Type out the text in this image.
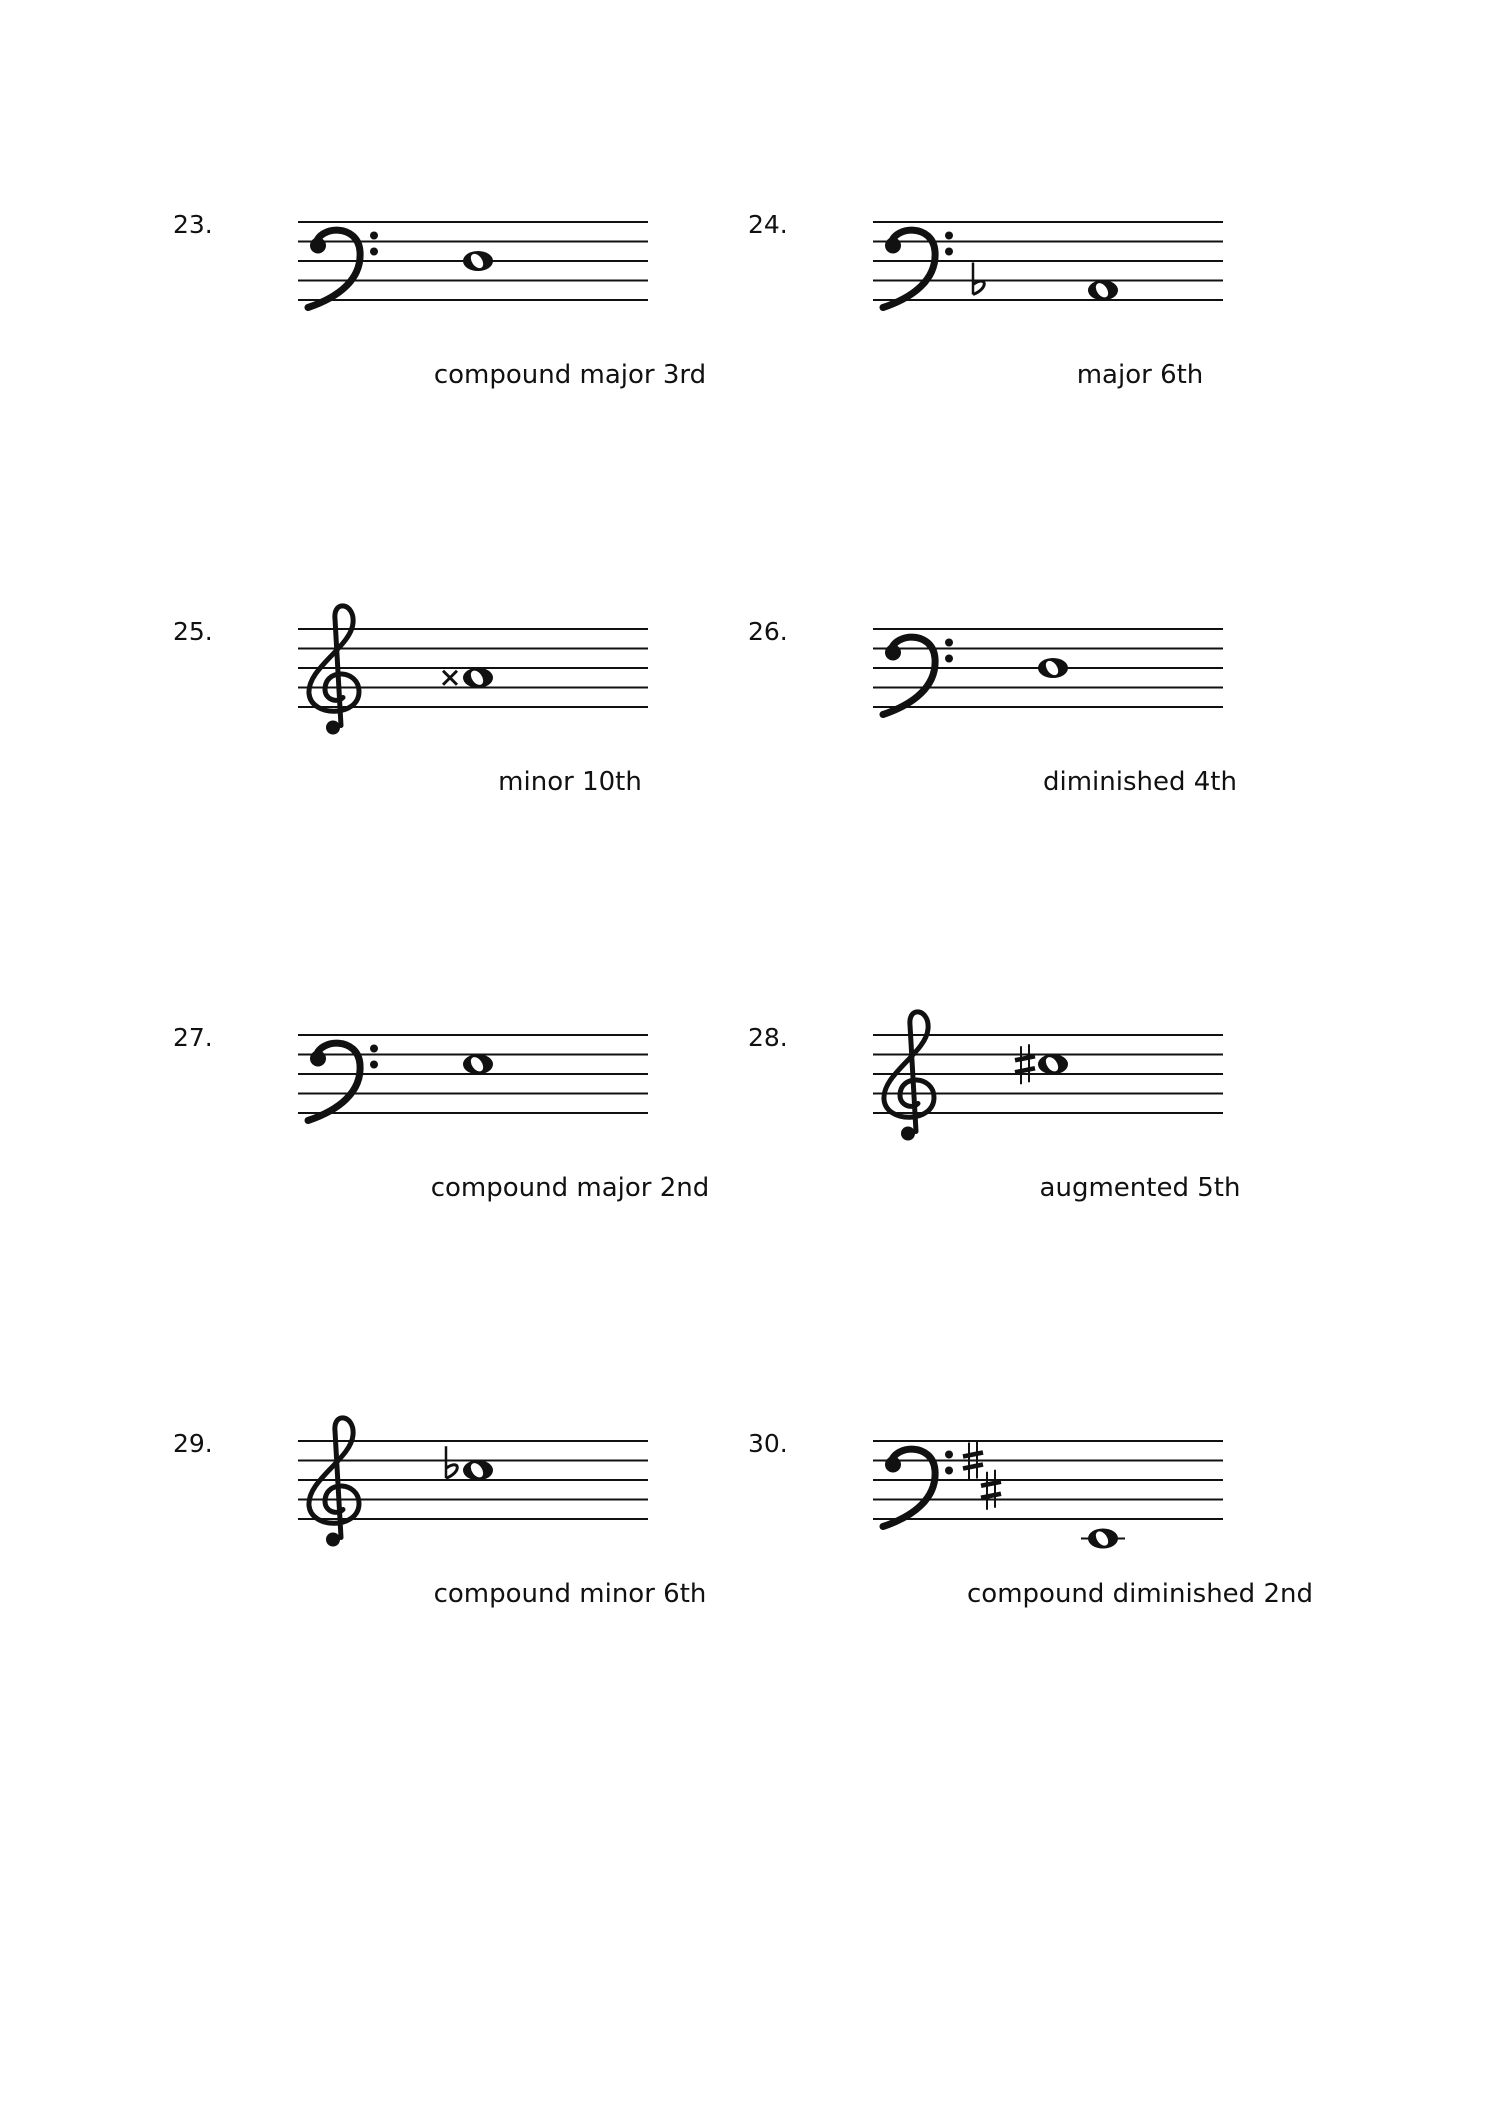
23.
compound major 3rd
24.
major 6th
25.
minor 10th
26.
diminished 4th
27.
compound major 2nd
28.
augmented 5th
29.
compound minor 6th
30.
compound diminished 2nd
